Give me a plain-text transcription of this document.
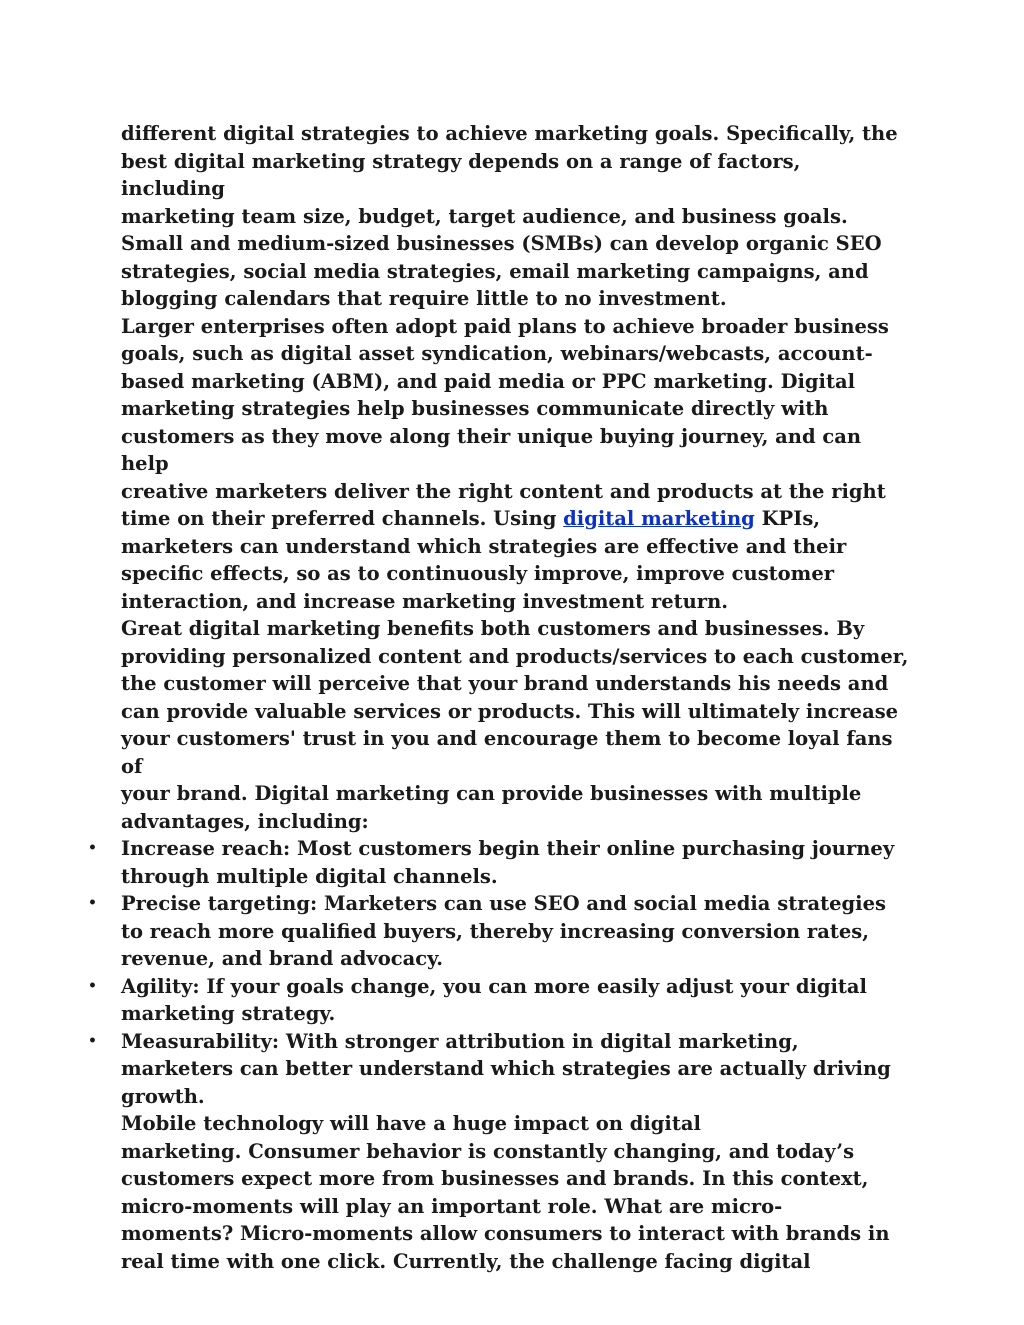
different digital strategies to achieve marketing goals. Specifically, the
best digital marketing strategy depends on a range of factors, including
marketing team size, budget, target audience, and business goals.

Small and medium-sized businesses (SMBs) can develop organic SEO
strategies, social media strategies, email marketing campaigns, and
blogging calendars that require little to no investment.

Larger enterprises often adopt paid plans to achieve broader business
goals, such as digital asset syndication, webinars/webcasts, account-
based marketing (ABM), and paid media or PPC marketing. Digital
marketing strategies help businesses communicate directly with
customers as they move along their unique buying journey, and can help
creative marketers deliver the right content and products at the right
time on their preferred channels. Using digital marketing KPIs,
marketers can understand which strategies are effective and their
specific effects, so as to continuously improve, improve customer
interaction, and increase marketing investment return.

Great digital marketing benefits both customers and businesses. By
providing personalized content and products/services to each customer,
the customer will perceive that your brand understands his needs and
can provide valuable services or products. This will ultimately increase
your customers' trust in you and encourage them to become loyal fans of
your brand. Digital marketing can provide businesses with multiple
advantages, including:

• Increase reach: Most customers begin their online purchasing journey
through multiple digital channels.
• Precise targeting: Marketers can use SEO and social media strategies
to reach more qualified buyers, thereby increasing conversion rates,
revenue, and brand advocacy.
• Agility: If your goals change, you can more easily adjust your digital
marketing strategy.
• Measurability: With stronger attribution in digital marketing,
marketers can better understand which strategies are actually driving
growth.

Mobile technology will have a huge impact on digital
marketing. Consumer behavior is constantly changing, and today’s
customers expect more from businesses and brands. In this context,
micro-moments will play an important role. What are micro-
moments? Micro-moments allow consumers to interact with brands in
real time with one click. Currently, the challenge facing digital
